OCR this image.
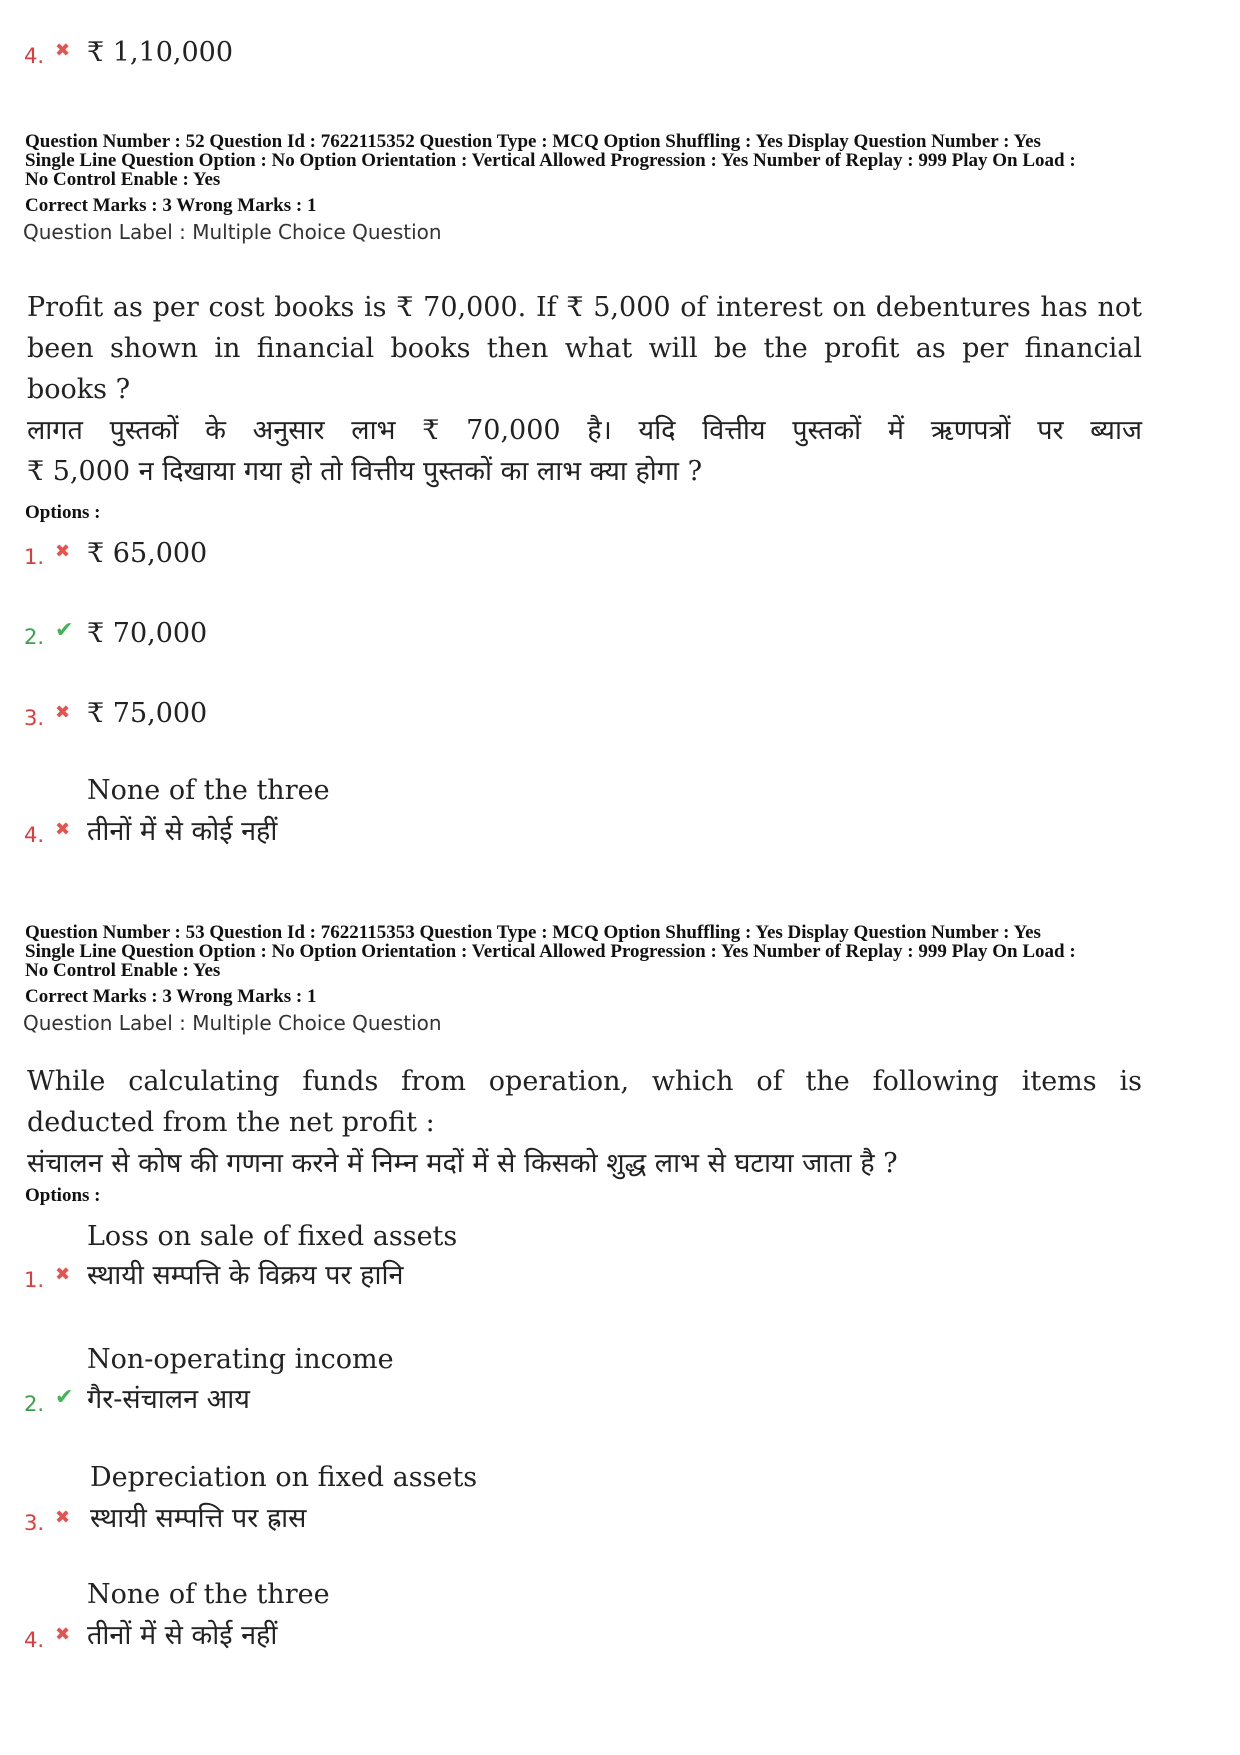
4. ✖ ₹ 1,10,000
Question Number : 52 Question Id : 7622115352 Question Type : MCQ Option Shuffling : Yes Display Question Number : Yes
Single Line Question Option : No Option Orientation : Vertical Allowed Progression : Yes Number of Replay : 999 Play On Load :
No Control Enable : Yes
Correct Marks : 3 Wrong Marks : 1
Question Label : Multiple Choice Question
Profit as per cost books is ₹ 70,000. If ₹ 5,000 of interest on debentures has not
been shown in financial books then what will be the profit as per financial
books ?
लागत पुस्तकों के अनुसार लाभ ₹ 70,000 है। यदि वित्तीय पुस्तकों में ऋणपत्रों पर ब्याज
₹ 5,000 न दिखाया गया हो तो वित्तीय पुस्तकों का लाभ क्या होगा ?
Options :
1. ✖ ₹ 65,000
2. ✔ ₹ 70,000
3. ✖ ₹ 75,000
None of the three
4. ✖ तीनों में से कोई नहीं
Question Number : 53 Question Id : 7622115353 Question Type : MCQ Option Shuffling : Yes Display Question Number : Yes
Single Line Question Option : No Option Orientation : Vertical Allowed Progression : Yes Number of Replay : 999 Play On Load :
No Control Enable : Yes
Correct Marks : 3 Wrong Marks : 1
Question Label : Multiple Choice Question
While calculating funds from operation, which of the following items is
deducted from the net profit :
संचालन से कोष की गणना करने में निम्न मदों में से किसको शुद्ध लाभ से घटाया जाता है ?
Options :
Loss on sale of fixed assets
1. ✖ स्थायी सम्पत्ति के विक्रय पर हानि
Non-operating income
2. ✔ गैर-संचालन आय
Depreciation on fixed assets
3. ✖ स्थायी सम्पत्ति पर ह्रास
None of the three
4. ✖ तीनों में से कोई नहीं
